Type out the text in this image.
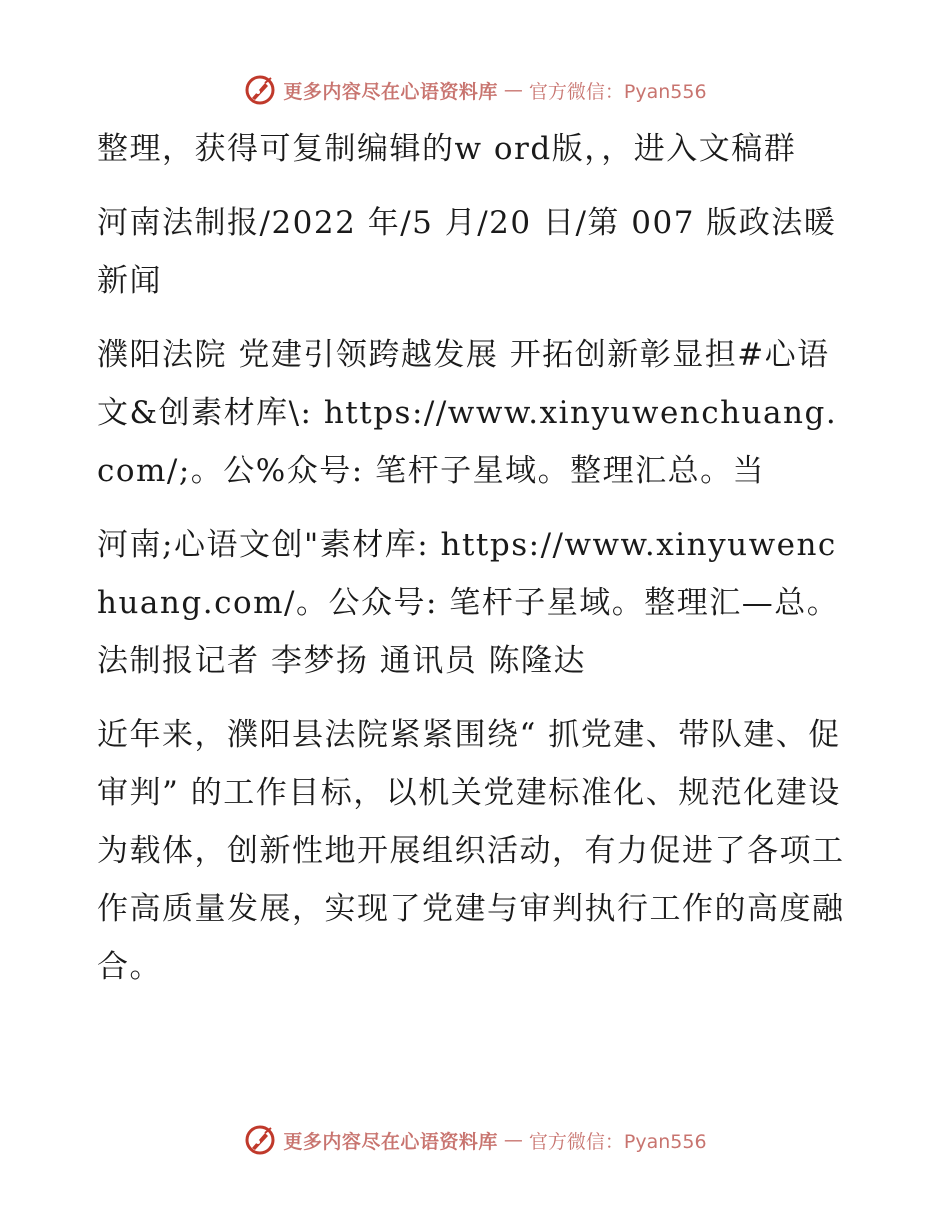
更多内容尽在心语资料库 — 官方微信：Pyan556

整理，获得可复制编辑的w ord版，，进入文稿群

河南法制报/2022 年/5 月/20 日/第 007 版政法暖新闻

濮阳法院 党建引领跨越发展 开拓创新彰显担#心语文&创素材库\: https://www.xinyuwenchuang.com/;。公%众号: 笔杆子星域。整理汇总。当

河南;心语文创"素材库: https://www.xinyuwenchuang.com/。公众号: 笔杆子星域。整理汇—总。法制报记者 李梦扬 通讯员 陈隆达

近年来，濮阳县法院紧紧围绕“ 抓党建、带队建、促审判” 的工作目标，以机关党建标准化、规范化建设为载体，创新性地开展组织活动，有力促进了各项工作高质量发展，实现了党建与审判执行工作的高度融合。

更多内容尽在心语资料库 — 官方微信：Pyan556
